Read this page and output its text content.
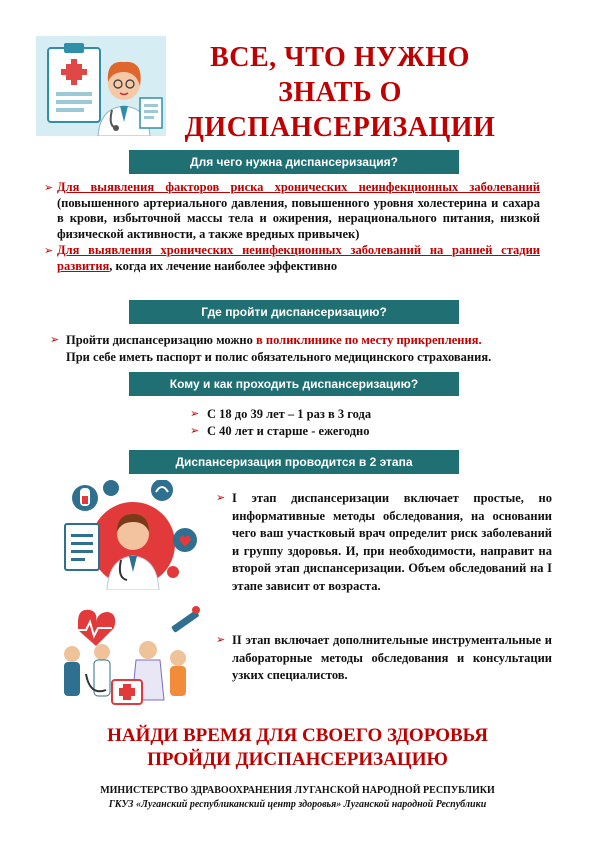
ВСЕ, ЧТО НУЖНО
ЗНАТЬ О
ДИСПАНСЕРИЗАЦИИ
Для чего нужна диспансеризация?
➢ Для выявления факторов риска хронических неинфекционных заболеваний (повышенного артериального давления, повышенного уровня холестерина и сахара в крови, избыточной массы тела и ожирения, нерационального питания, низкой физической активности, а также вредных привычек)
➢ Для выявления хронических неинфекционных заболеваний на ранней стадии развития, когда их лечение наиболее эффективно
Где пройти диспансеризацию?
➢ Пройти диспансеризацию можно в поликлинике по месту прикрепления.
При себе иметь паспорт и полис обязательного медицинского страхования.
Кому и как проходить диспансеризацию?
➢ С 18 до 39 лет – 1 раз в 3 года
➢ С 40 лет и старше - ежегодно
Диспансеризация проводится в 2 этапа
➢ I этап диспансеризации включает простые, но информативные методы обследования, на основании чего ваш участковый врач определит риск заболеваний и группу здоровья. И, при необходимости, направит на второй этап диспансеризации. Объем обследований на I этапе зависит от возраста.
➢ II этап включает дополнительные инструментальные и лабораторные методы обследования и консультации узких специалистов.
НАЙДИ ВРЕМЯ ДЛЯ СВОЕГО ЗДОРОВЬЯ
ПРОЙДИ ДИСПАНСЕРИЗАЦИЮ
МИНИСТЕРСТВО ЗДРАВООХРАНЕНИЯ ЛУГАНСКОЙ НАРОДНОЙ РЕСПУБЛИКИ
ГКУЗ «Луганский республиканский центр здоровья» Луганской народной Республики
